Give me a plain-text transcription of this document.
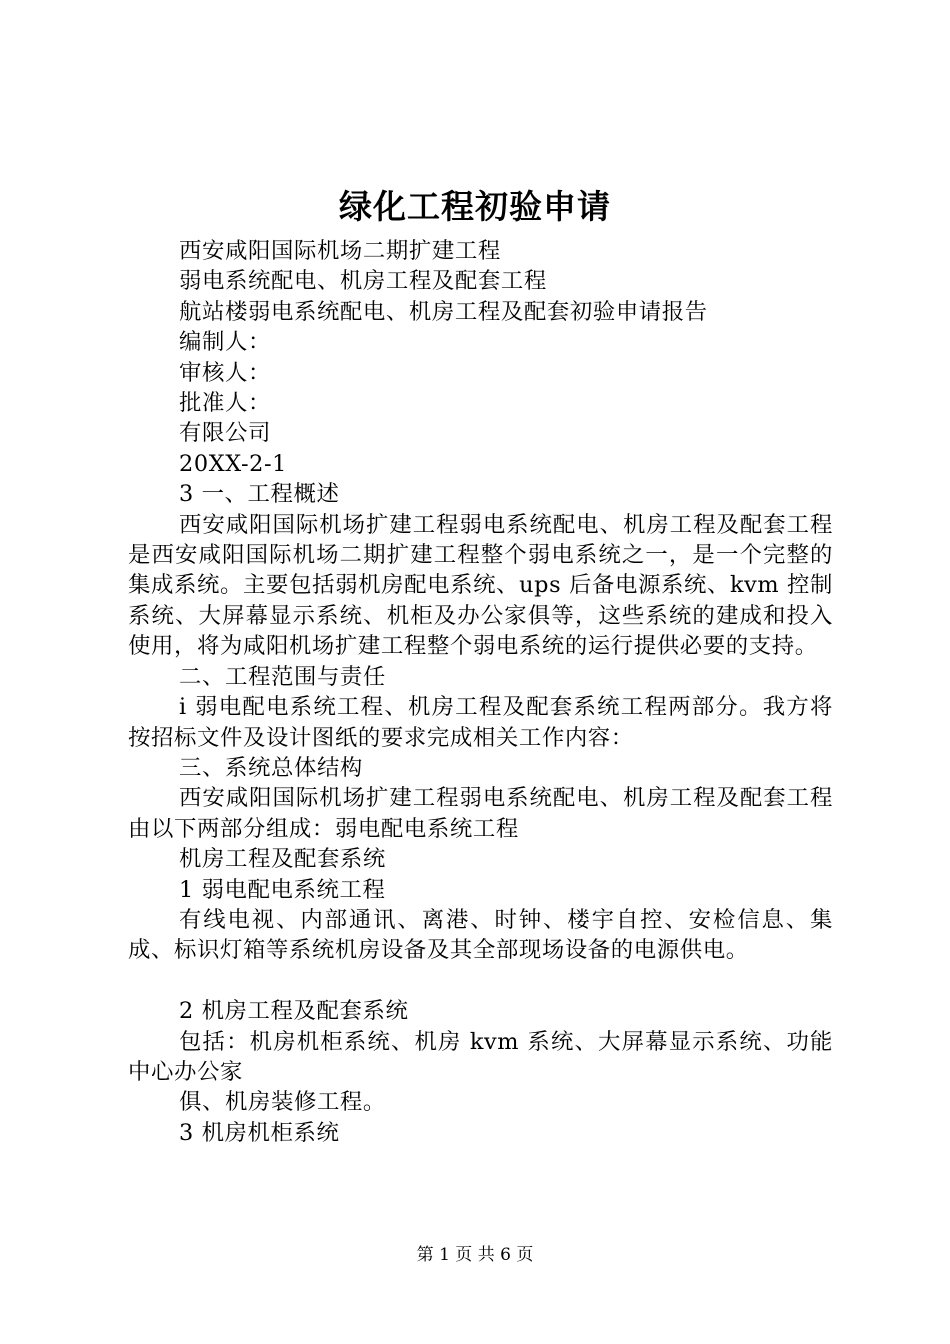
绿化工程初验申请

西安咸阳国际机场二期扩建工程

弱电系统配电、机房工程及配套工程

航站楼弱电系统配电、机房工程及配套初验申请报告

编制人：

审核人：

批准人：

有限公司

20XX-2-1

3 一、工程概述

西安咸阳国际机场扩建工程弱电系统配电、机房工程及配套工程是西安咸阳国际机场二期扩建工程整个弱电系统之一，是一个完整的集成系统。主要包括弱机房配电系统、ups 后备电源系统、kvm 控制系统、大屏幕显示系统、机柜及办公家俱等，这些系统的建成和投入使用，将为咸阳机场扩建工程整个弱电系统的运行提供必要的支持。

二、工程范围与责任

i 弱电配电系统工程、机房工程及配套系统工程两部分。我方将按招标文件及设计图纸的要求完成相关工作内容：

三、系统总体结构

西安咸阳国际机场扩建工程弱电系统配电、机房工程及配套工程由以下两部分组成：弱电配电系统工程

机房工程及配套系统

1 弱电配电系统工程

有线电视、内部通讯、离港、时钟、楼宇自控、安检信息、集成、标识灯箱等系统机房设备及其全部现场设备的电源供电。

2 机房工程及配套系统

包括：机房机柜系统、机房 kvm 系统、大屏幕显示系统、功能中心办公家

俱、机房装修工程。

3 机房机柜系统

第 1 页 共 6 页
